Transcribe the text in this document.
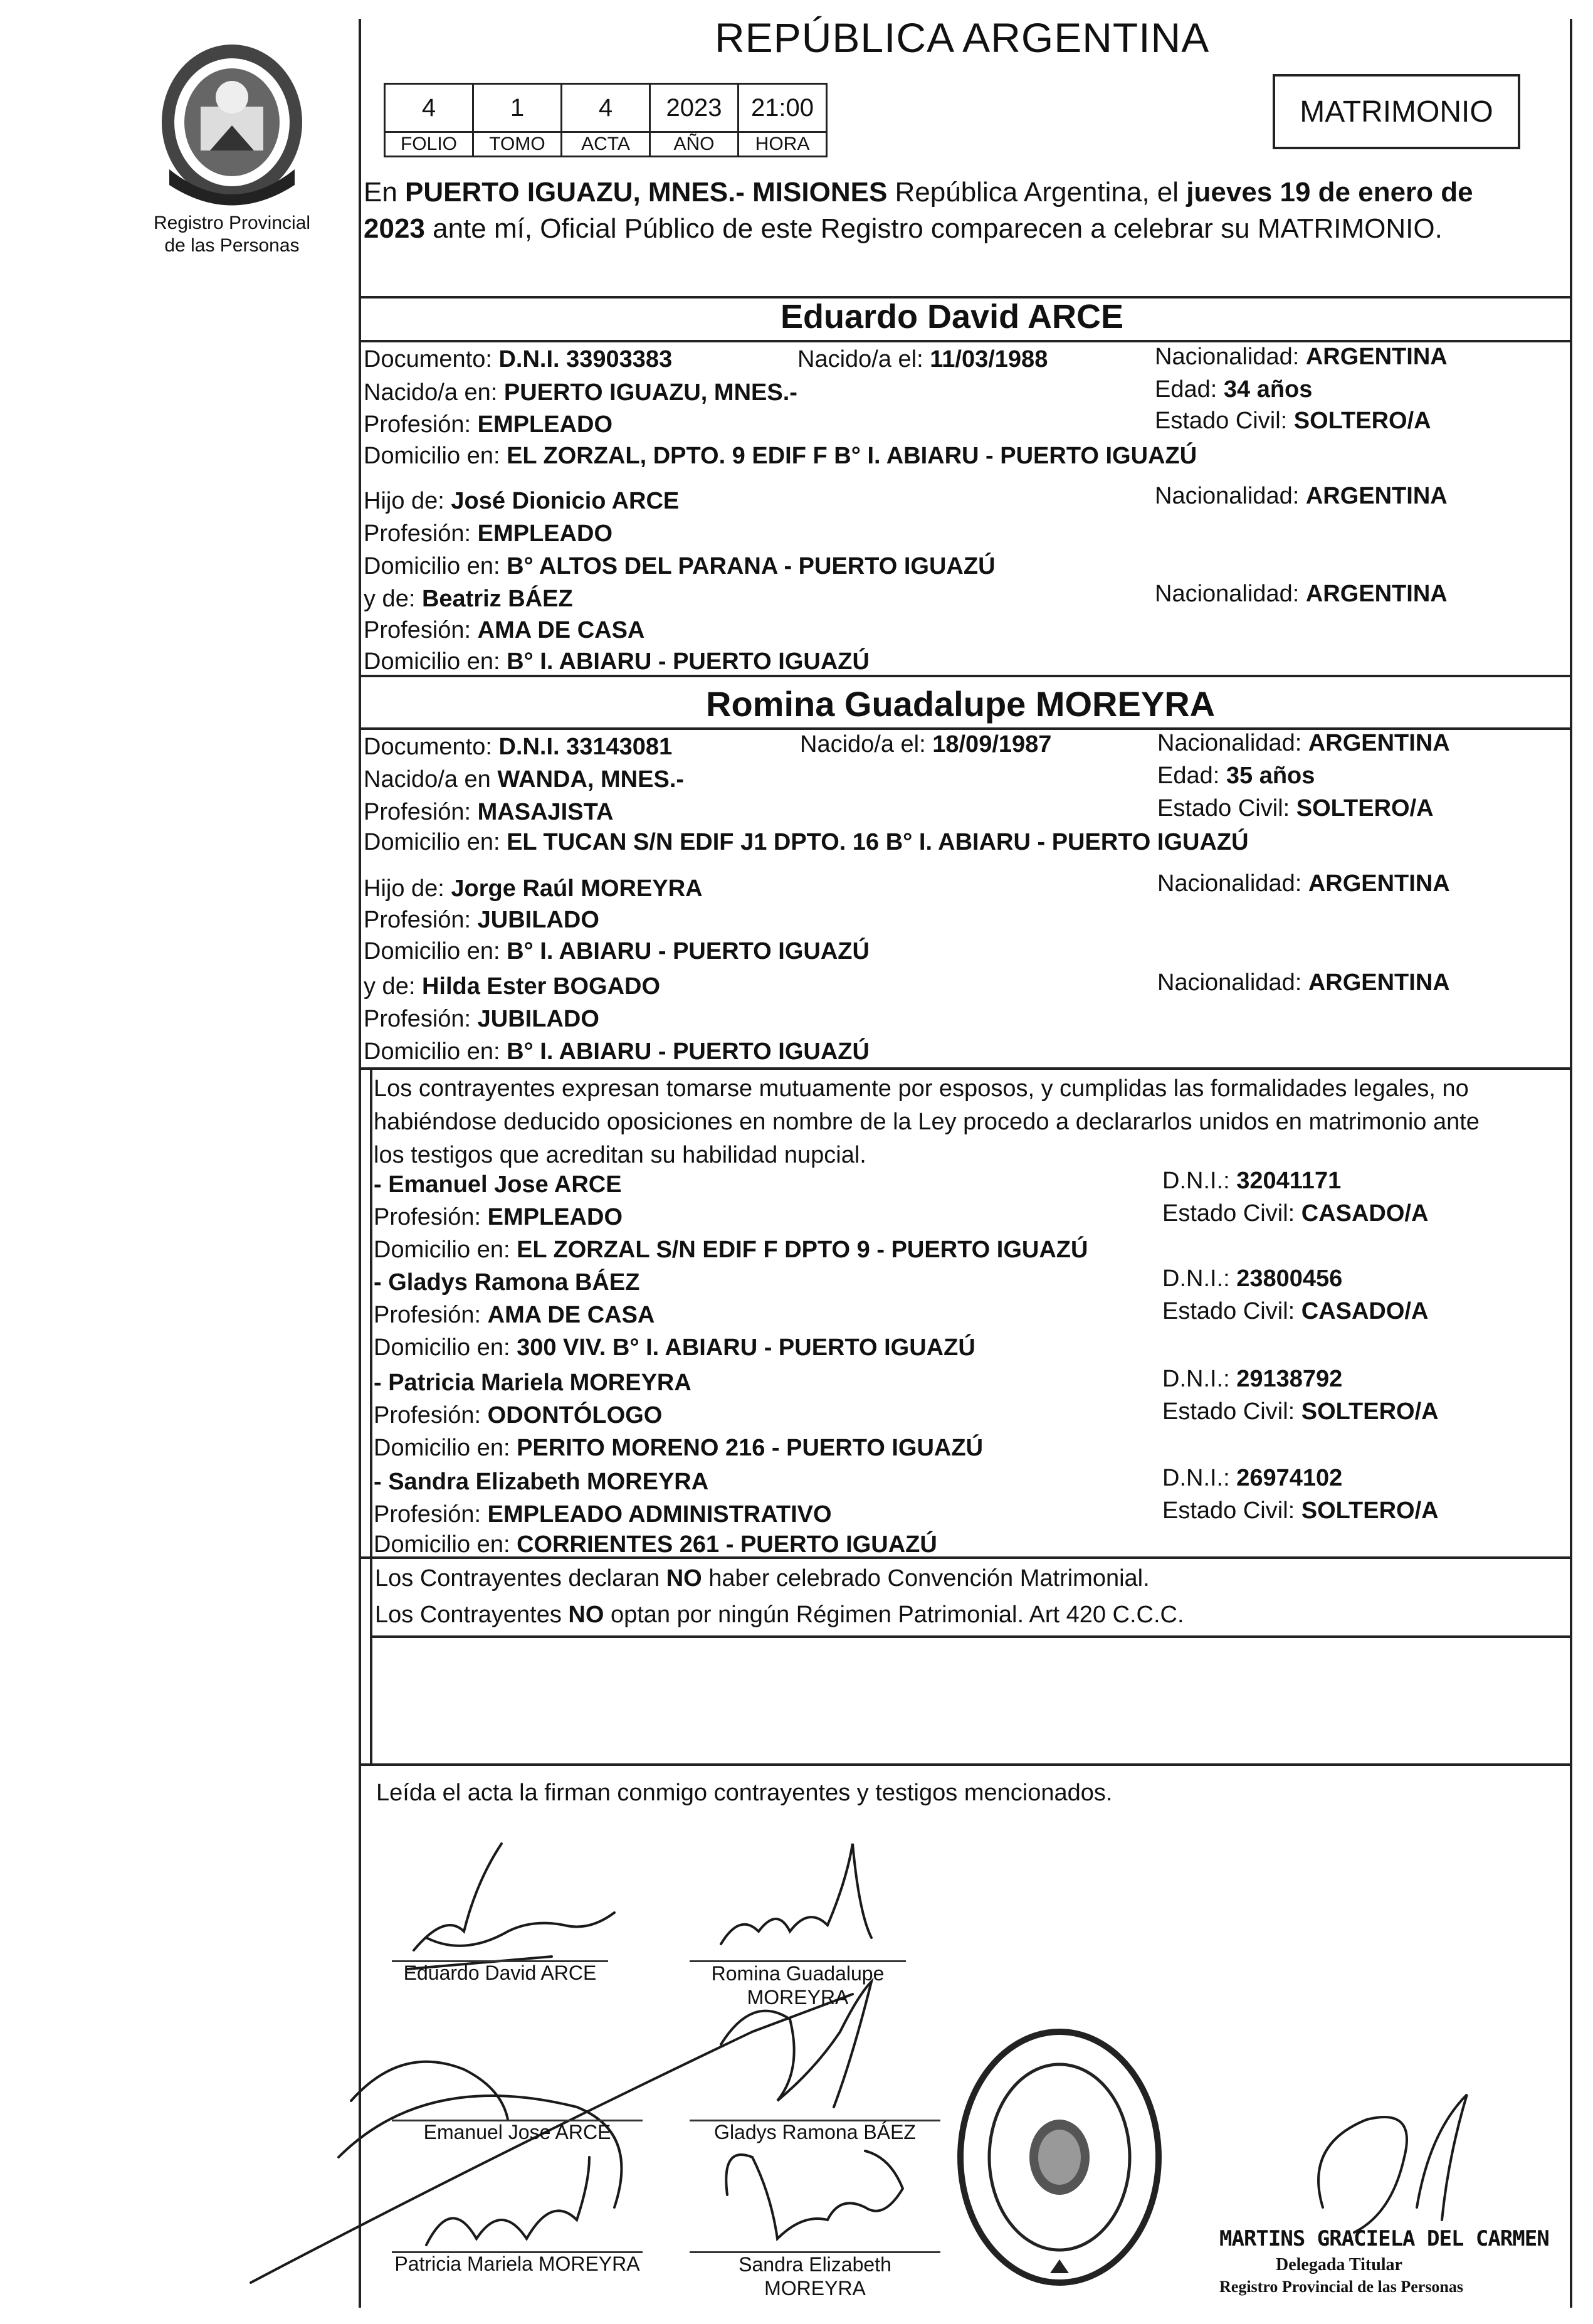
Registro Provincial
de las Personas
REPÚBLICA ARGENTINA
4	1	4	2023	21:00
FOLIO	TOMO	ACTA	AÑO	HORA
MATRIMONIO
En PUERTO IGUAZU, MNES.- MISIONES República Argentina, el jueves 19 de enero de
2023 ante mí, Oficial Público de este Registro comparecen a celebrar su MATRIMONIO.
Eduardo David ARCE
Documento: D.N.I. 33903383	Nacido/a el: 11/03/1988	Nacionalidad: ARGENTINA
Nacido/a en: PUERTO IGUAZU, MNES.-	Edad: 34 años
Profesión: EMPLEADO	Estado Civil: SOLTERO/A
Domicilio en: EL ZORZAL, DPTO. 9 EDIF F B° I. ABIARU - PUERTO IGUAZÚ
Hijo de: José Dionicio ARCE	Nacionalidad: ARGENTINA
Profesión: EMPLEADO
Domicilio en: B° ALTOS DEL PARANA - PUERTO IGUAZÚ
y de: Beatriz BÁEZ	Nacionalidad: ARGENTINA
Profesión: AMA DE CASA
Domicilio en: B° I. ABIARU - PUERTO IGUAZÚ
Romina Guadalupe MOREYRA
Documento: D.N.I. 33143081	Nacido/a el: 18/09/1987	Nacionalidad: ARGENTINA
Nacido/a en WANDA, MNES.-	Edad: 35 años
Profesión: MASAJISTA	Estado Civil: SOLTERO/A
Domicilio en: EL TUCAN S/N EDIF J1 DPTO. 16 B° I. ABIARU - PUERTO IGUAZÚ
Hijo de: Jorge Raúl MOREYRA	Nacionalidad: ARGENTINA
Profesión: JUBILADO
Domicilio en: B° I. ABIARU - PUERTO IGUAZÚ
y de: Hilda Ester BOGADO	Nacionalidad: ARGENTINA
Profesión: JUBILADO
Domicilio en: B° I. ABIARU - PUERTO IGUAZÚ
Los contrayentes expresan tomarse mutuamente por esposos, y cumplidas las formalidades legales, no
habiéndose deducido oposiciones en nombre de la Ley procedo a declararlos unidos en matrimonio ante
los testigos que acreditan su habilidad nupcial.
- Emanuel Jose ARCE	D.N.I.: 32041171
Profesión: EMPLEADO	Estado Civil: CASADO/A
Domicilio en: EL ZORZAL S/N EDIF F DPTO 9 - PUERTO IGUAZÚ
- Gladys Ramona BÁEZ	D.N.I.: 23800456
Profesión: AMA DE CASA	Estado Civil: CASADO/A
Domicilio en: 300 VIV. B° I. ABIARU - PUERTO IGUAZÚ
- Patricia Mariela MOREYRA	D.N.I.: 29138792
Profesión: ODONTÓLOGO	Estado Civil: SOLTERO/A
Domicilio en: PERITO MORENO 216 - PUERTO IGUAZÚ
- Sandra Elizabeth MOREYRA	D.N.I.: 26974102
Profesión: EMPLEADO ADMINISTRATIVO	Estado Civil: SOLTERO/A
Domicilio en: CORRIENTES 261 - PUERTO IGUAZÚ
Los Contrayentes declaran NO haber celebrado Convención Matrimonial.
Los Contrayentes NO optan por ningún Régimen Patrimonial. Art 420 C.C.C.
Leída el acta la firman conmigo contrayentes y testigos mencionados.
Eduardo David ARCE	Romina Guadalupe
MOREYRA
Emanuel Jose ARCE	Gladys Ramona BÁEZ
Patricia Mariela MOREYRA	Sandra Elizabeth
MOREYRA
MARTINS GRACIELA DEL CARMEN
Delegada Titular
Registro Provincial de las Personas
